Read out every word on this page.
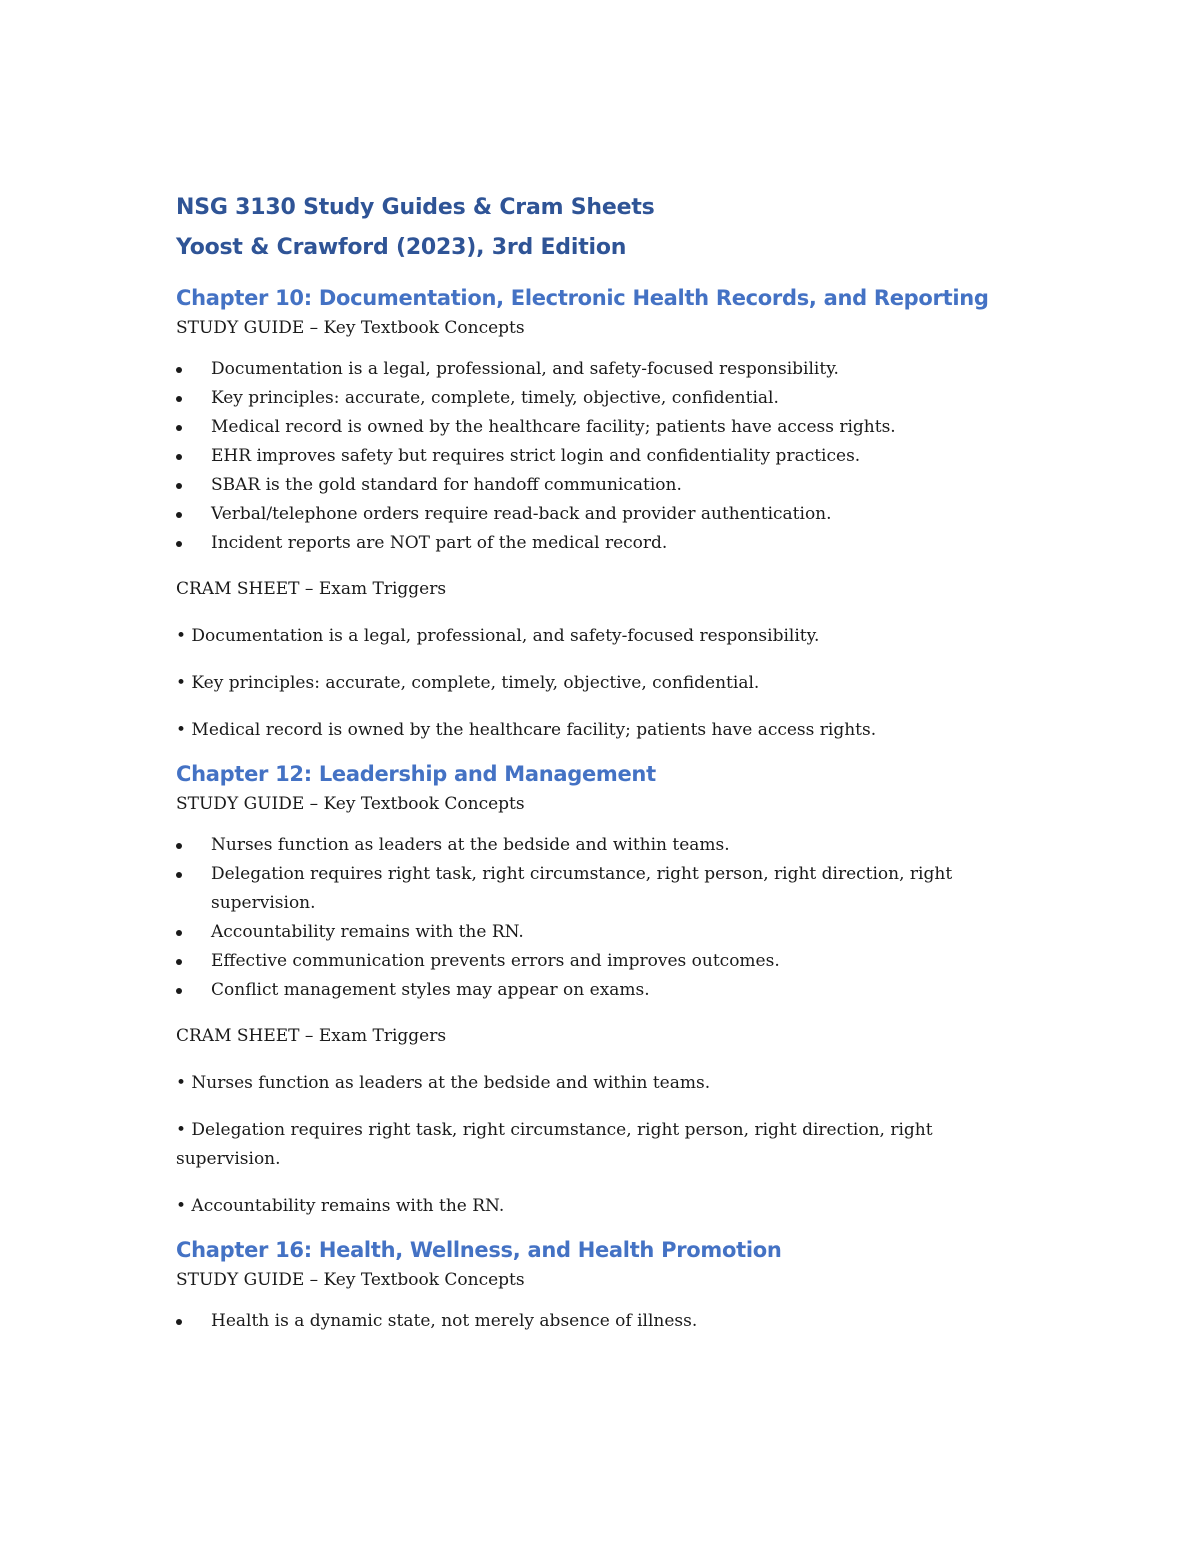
NSG 3130 Study Guides & Cram Sheets
Yoost & Crawford (2023), 3rd Edition
Chapter 10: Documentation, Electronic Health Records, and Reporting

STUDY GUIDE – Key Textbook Concepts

Documentation is a legal, professional, and safety-focused responsibility.
Key principles: accurate, complete, timely, objective, confidential.
Medical record is owned by the healthcare facility; patients have access rights.
EHR improves safety but requires strict login and confidentiality practices.
SBAR is the gold standard for handoff communication.
Verbal/telephone orders require read-back and provider authentication.
Incident reports are NOT part of the medical record.

CRAM SHEET – Exam Triggers

• Documentation is a legal, professional, and safety-focused responsibility.

• Key principles: accurate, complete, timely, objective, confidential.

• Medical record is owned by the healthcare facility; patients have access rights.

Chapter 12: Leadership and Management

STUDY GUIDE – Key Textbook Concepts

Nurses function as leaders at the bedside and within teams.
Delegation requires right task, right circumstance, right person, right direction, right supervision.
Accountability remains with the RN.
Effective communication prevents errors and improves outcomes.
Conflict management styles may appear on exams.

CRAM SHEET – Exam Triggers

• Nurses function as leaders at the bedside and within teams.

• Delegation requires right task, right circumstance, right person, right direction, right supervision.

• Accountability remains with the RN.

Chapter 16: Health, Wellness, and Health Promotion

STUDY GUIDE – Key Textbook Concepts

Health is a dynamic state, not merely absence of illness.
